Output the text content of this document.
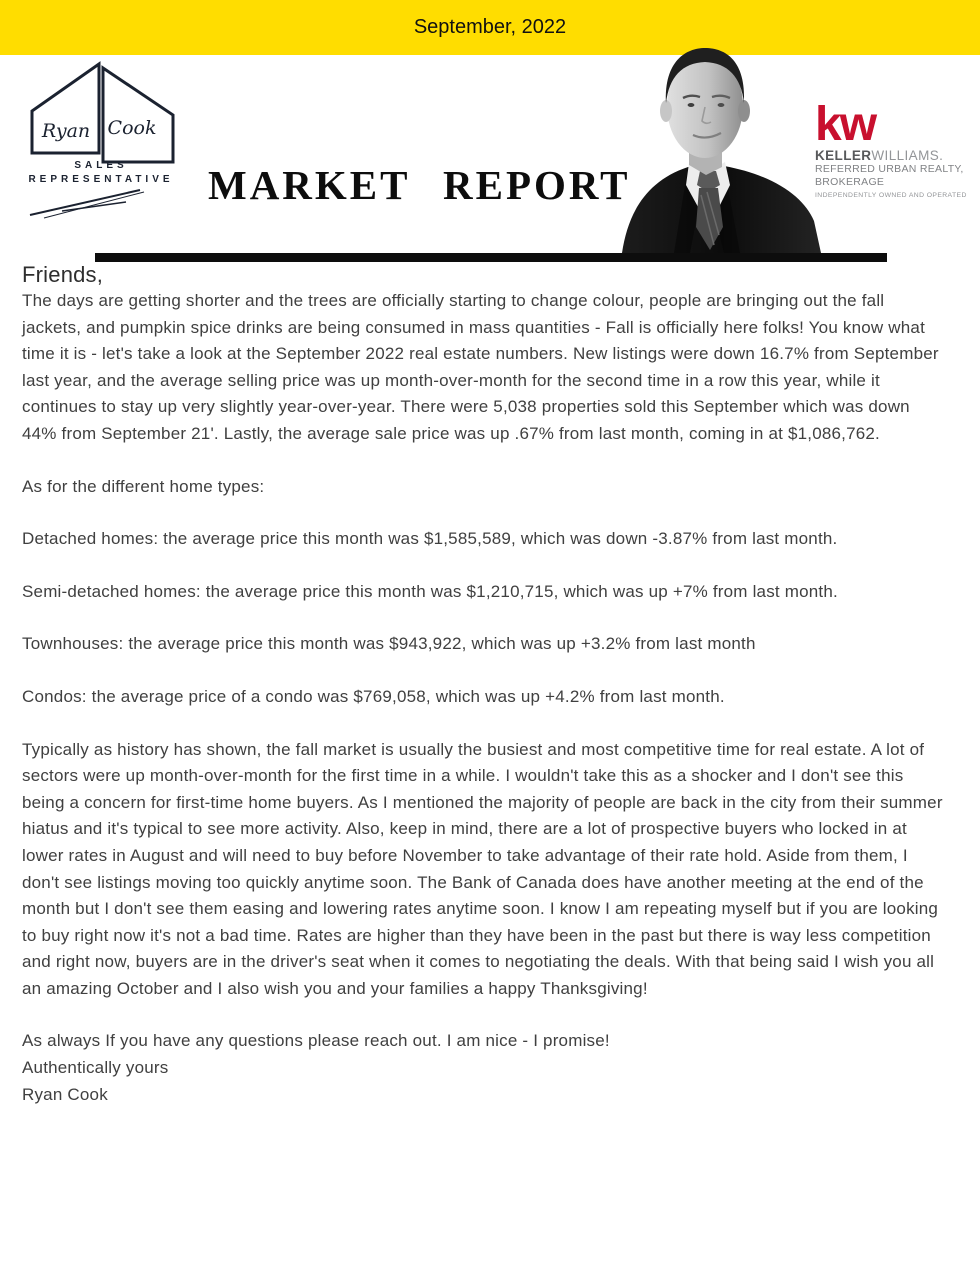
September, 2022
Ryan Cook
SALES
REPRESENTATIVE MARKET REPORT
kw
KELLERWILLIAMS.
REFERRED URBAN REALTY,
BROKERAGE
INDEPENDENTLY OWNED AND OPERATED
Friends,

The days are getting shorter and the trees are officially starting to change colour, people are bringing out the fall jackets, and pumpkin spice drinks are being consumed in mass quantities - Fall is officially here folks! You know what time it is - let's take a look at the September 2022 real estate numbers. New listings were down 16.7% from September last year, and the average selling price was up month-over-month for the second time in a row this year, while it continues to stay up very slightly year-over-year. There were 5,038 properties sold this September which was down 44% from September 21'. Lastly, the average sale price was up .67% from last month, coming in at $1,086,762.

As for the different home types:

Detached homes: the average price this month was $1,585,589, which was down -3.87% from last month.

Semi-detached homes: the average price this month was $1,210,715, which was up +7% from last month.

Townhouses: the average price this month was $943,922, which was up +3.2% from last month

Condos: the average price of a condo was $769,058, which was up +4.2% from last month.

Typically as history has shown, the fall market is usually the busiest and most competitive time for real estate. A lot of sectors were up month-over-month for the first time in a while. I wouldn't take this as a shocker and I don't see this being a concern for first-time home buyers. As I mentioned the majority of people are back in the city from their summer hiatus and it's typical to see more activity. Also, keep in mind, there are a lot of prospective buyers who locked in at lower rates in August and will need to buy before November to take advantage of their rate hold. Aside from them, I don't see listings moving too quickly anytime soon. The Bank of Canada does have another meeting at the end of the month but I don't see them easing and lowering rates anytime soon. I know I am repeating myself but if you are looking to buy right now it's not a bad time. Rates are higher than they have been in the past but there is way less competition and right now, buyers are in the driver's seat when it comes to negotiating the deals. With that being said I wish you all an amazing October and I also wish you and your families a happy Thanksgiving!

As always If you have any questions please reach out. I am nice - I promise!

Authentically yours

Ryan Cook
